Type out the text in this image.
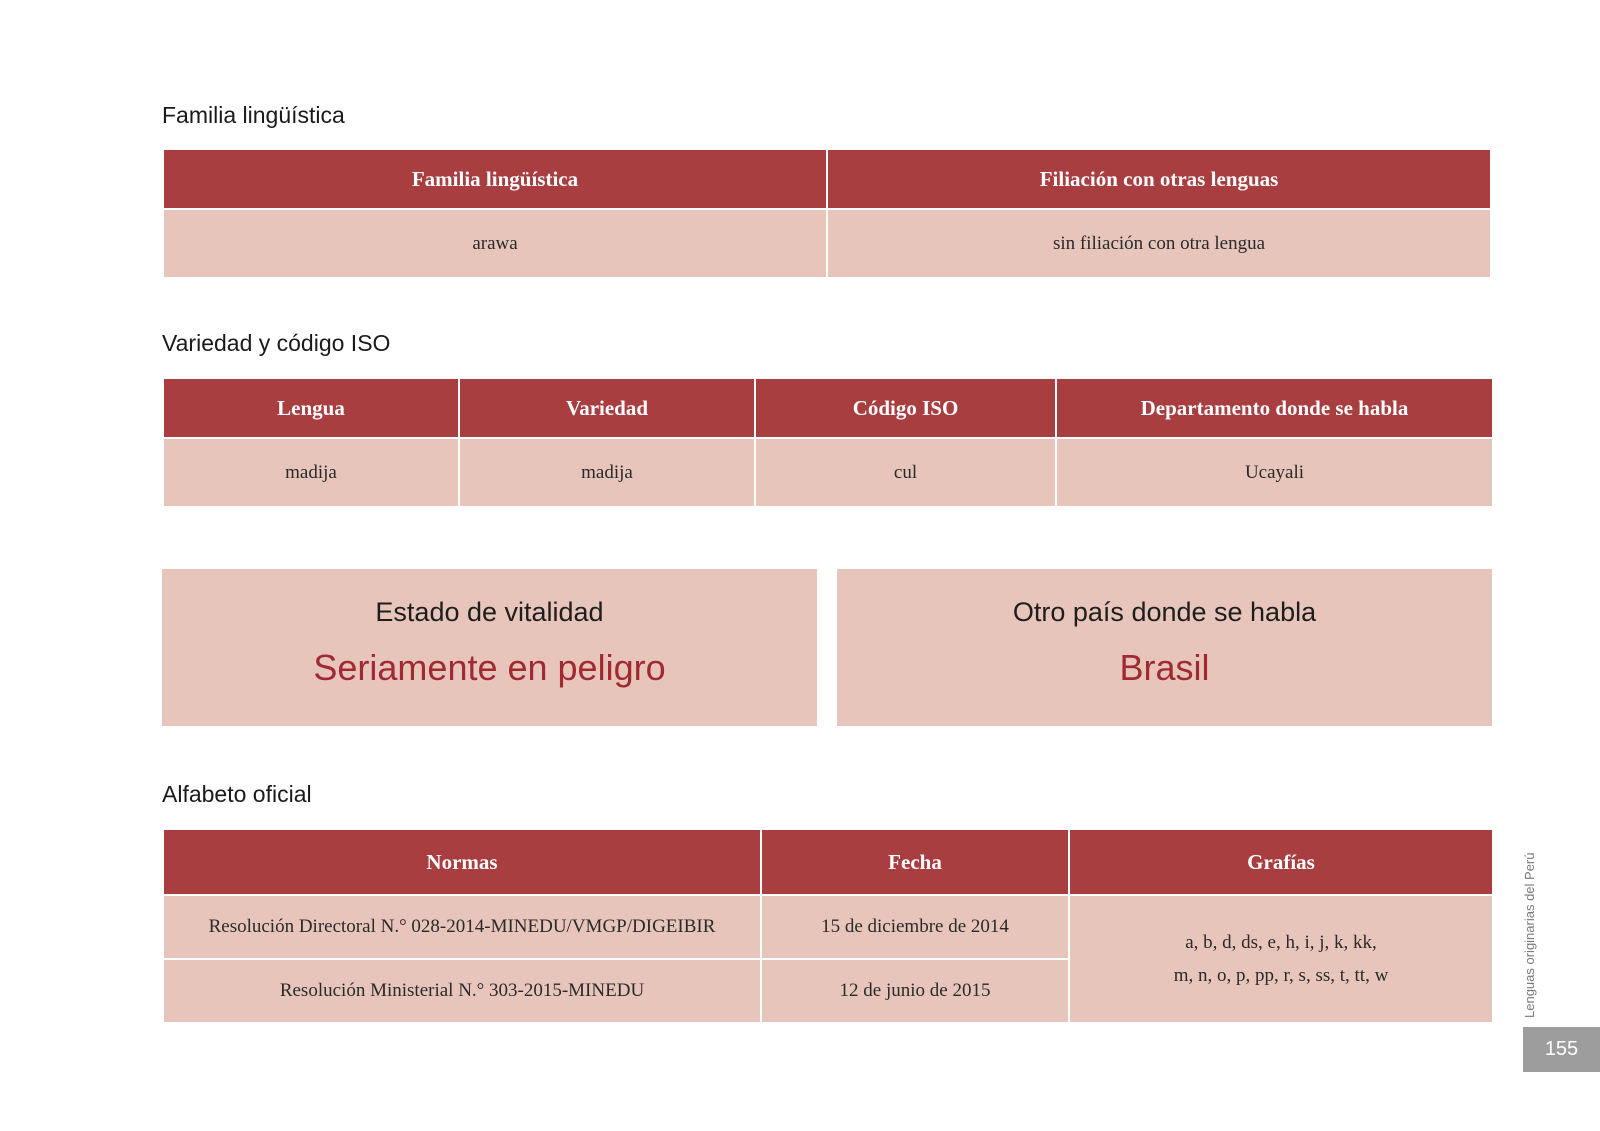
Familia lingüística
Familia lingüística	Filiación con otras lenguas
arawa	sin filiación con otra lengua
Variedad y código ISO
Lengua	Variedad	Código ISO	Departamento donde se habla
madija	madija	cul	Ucayali
Estado de vitalidad
Seriamente en peligro
Otro país donde se habla
Brasil
Alfabeto oficial
Normas	Fecha	Grafías
Resolución Directoral N.° 028-2014-MINEDU/VMGP/DIGEIBIR	15 de diciembre de 2014	a, b, d, ds, e, h, i, j, k, kk,
m, n, o, p, pp, r, s, ss, t, tt, w

Resolución Ministerial N.° 303-2015-MINEDU	12 de junio de 2015		Lenguas originarias del Perú
155
